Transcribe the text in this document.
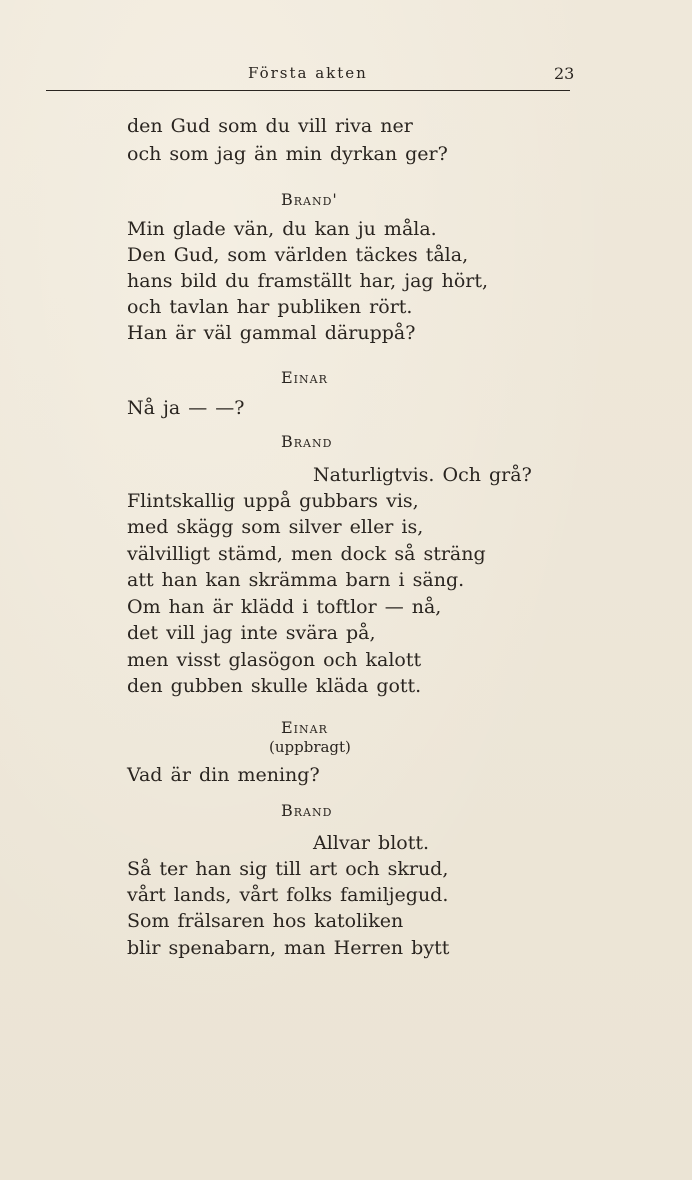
Första akten	23
den Gud som du vill riva ner
och som jag än min dyrkan ger?
Brand'
Min glade vän, du kan ju måla.
Den Gud, som världen täckes tåla,
hans bild du framställt har, jag hört,
och tavlan har publiken rört.
Han är väl gammal däruppå?
Einar
Nå ja — —?
Brand
Naturligtvis. Och grå?
Flintskallig uppå gubbars vis,
med skägg som silver eller is,
välvilligt stämd, men dock så sträng
att han kan skrämma barn i säng.
Om han är klädd i toftlor — nå,
det vill jag inte svära på,
men visst glasögon och kalott
den gubben skulle kläda gott.
Einar
(uppbragt)
Vad är din mening?
Brand
Allvar blott.
Så ter han sig till art och skrud,
vårt lands, vårt folks familjegud.
Som frälsaren hos katoliken
blir spenabarn, man Herren bytt
